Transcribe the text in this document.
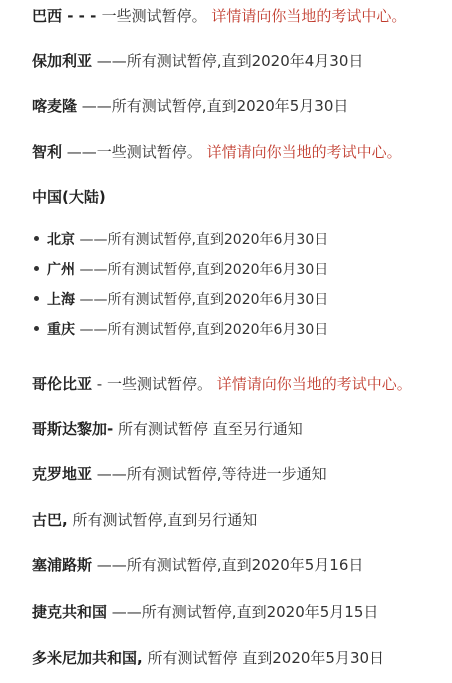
巴西 - - - 一些测试暂停。 详情请向你当地的考试中心。
保加利亚 ——所有测试暂停,直到2020年4月30日
喀麦隆 ——所有测试暂停,直到2020年5月30日
智利 ——一些测试暂停。 详情请向你当地的考试中心。
中国(大陆)
北京 ——所有测试暂停,直到2020年6月30日
广州 ——所有测试暂停,直到2020年6月30日
上海 ——所有测试暂停,直到2020年6月30日
重庆 ——所有测试暂停,直到2020年6月30日
哥伦比亚 - 一些测试暂停。 详情请向你当地的考试中心。
哥斯达黎加- 所有测试暂停 直至另行通知
克罗地亚 ——所有测试暂停,等待进一步通知
古巴, 所有测试暂停,直到另行通知
塞浦路斯 ——所有测试暂停,直到2020年5月16日
捷克共和国 ——所有测试暂停,直到2020年5月15日
多米尼加共和国, 所有测试暂停 直到2020年5月30日
